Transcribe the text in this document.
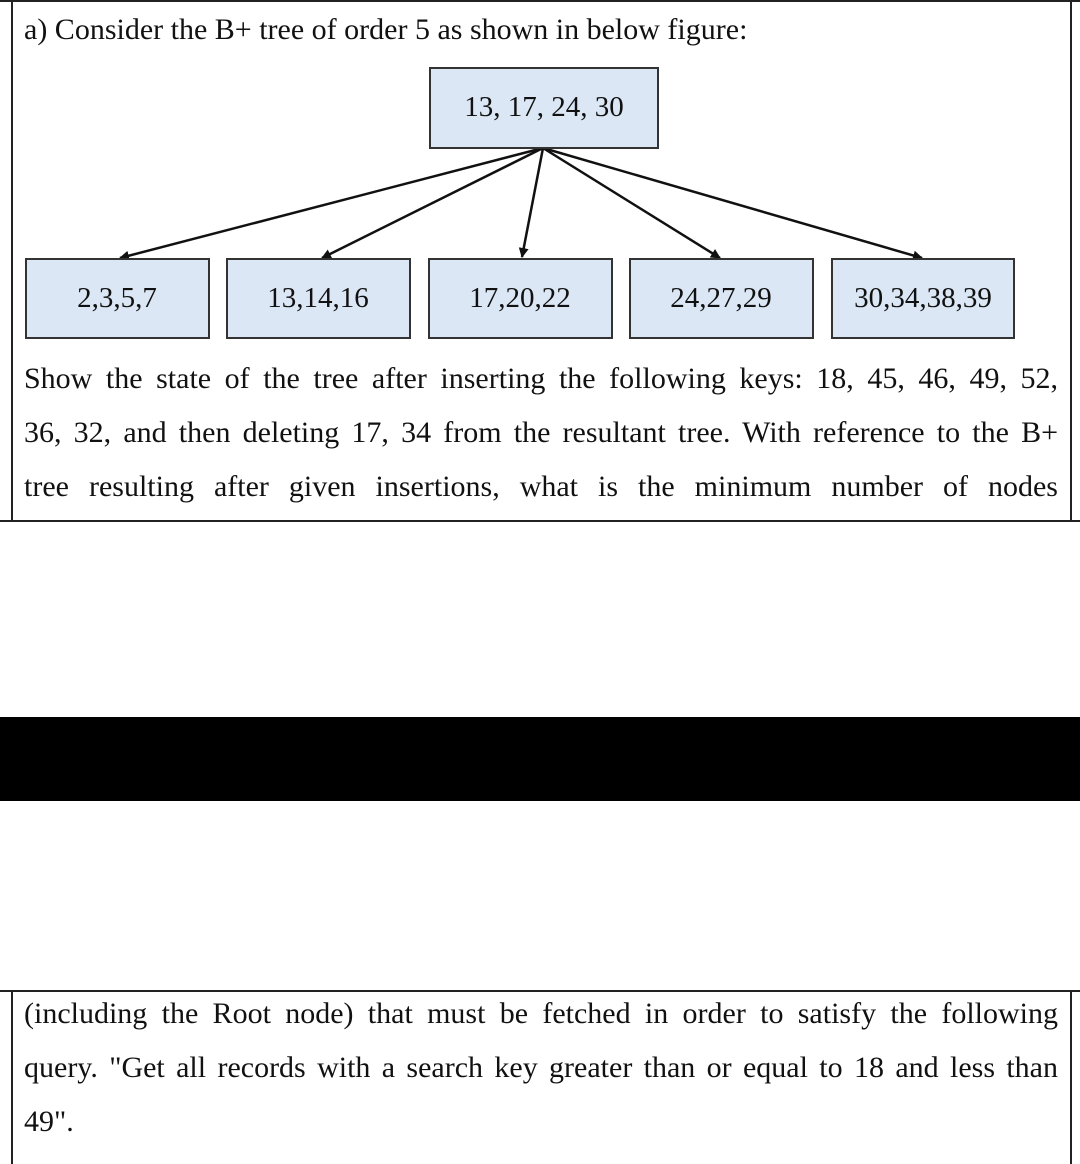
a) Consider the B+ tree of order 5 as shown in below figure:
13, 17, 24, 30
2,3,5,7	13,14,16	17,20,22	24,27,29	30,34,38,39
Show the state of the tree after inserting the following keys: 18, 45, 46, 49, 52,
36, 32, and then deleting 17, 34 from the resultant tree. With reference to the B+
tree resulting after given insertions, what is the minimum number of nodes
(including the Root node) that must be fetched in order to satisfy the following
query. "Get all records with a search key greater than or equal to 18 and less than
49".
